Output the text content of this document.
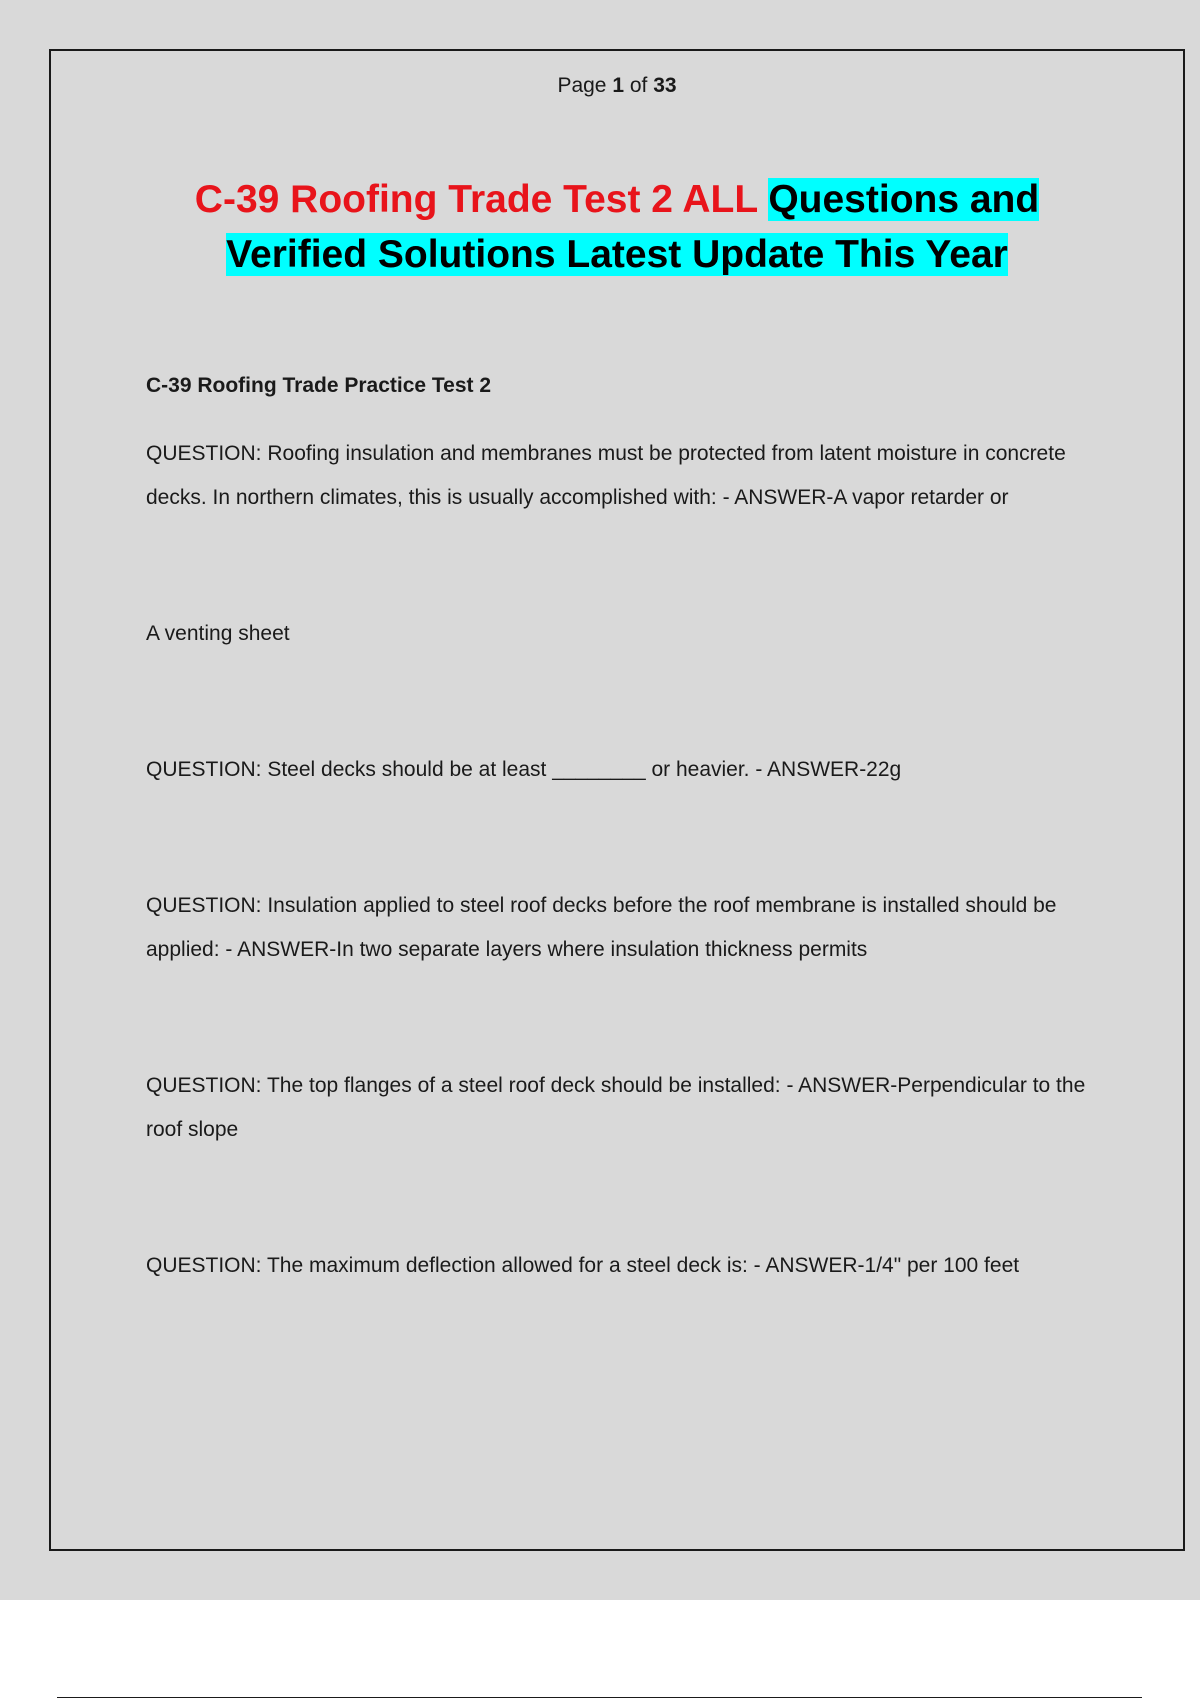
Page 1 of 33
C-39 Roofing Trade Test 2 ALL Questions and
Verified Solutions Latest Update This Year

C-39 Roofing Trade Practice Test 2

QUESTION: Roofing insulation and membranes must be protected from latent moisture in concrete decks. In northern climates, this is usually accomplished with: - ANSWER-A vapor retarder or

A venting sheet

QUESTION: Steel decks should be at least ________ or heavier. - ANSWER-22g

QUESTION: Insulation applied to steel roof decks before the roof membrane is installed should be applied: - ANSWER-In two separate layers where insulation thickness permits

QUESTION: The top flanges of a steel roof deck should be installed: - ANSWER-Perpendicular to the roof slope

QUESTION: The maximum deflection allowed for a steel deck is: - ANSWER-1/4" per 100 feet
